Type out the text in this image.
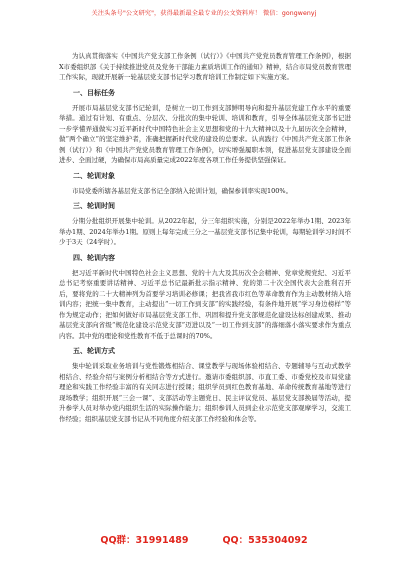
关注头条号"公文研究"，获得最新最全最专业的公文资料库！ 微信：gongwenyj

为认真贯彻落实《中国共产党支部工作条例（试行）》《中国共产党党员教育管理工作条例》，根据X市委组织部《关于持续推进党员及党务干部能力素质培训工作的通知》精神，结合市局党员教育管理工作实际，现就开展新一轮基层党支部书记学习教育培训工作制定如下实施方案。

一、目标任务

开展市局基层党支部书记轮训，是树立一切工作到支部鲜明导向和提升基层党建工作水平的重要举措。通过有计划、有重点、分层次、分批次的集中轮训、培训和教育，引导全体基层党支部书记进一步学懂弄通做实习近平新时代中国特色社会主义思想和党的十九大精神以及十九届历次全会精神，做“两个确立”的坚定维护者，准确把握新时代党的建设的总要求。认真践行《中国共产党支部工作条例（试行）》和《中国共产党党员教育管理工作条例》，切实增强履职本领，促进基层党支部建设全面进步、全面过硬，为确保市局高质量完成2022年度各项工作任务提供坚强保证。

二、轮训对象

市局党委所辖各基层党支部书记全部纳入轮训计划，确保参训率实现100%。

三、轮训时间

分期分批组织开展集中轮训。从2022年起，分三年组织实施，分别是2022年举办1期、2023年举办1期、2024年举办1期。原则上每年完成三分之一基层党支部书记集中轮训，每期轮训学习时间不少于3天（24学时）。

四、轮训内容

把习近平新时代中国特色社会主义思想、党的十九大及其历次全会精神、党章党规党纪、习近平总书记考察重要讲话精神、习近平总书记最新批示指示精神、党的第二十次全国代表大会胜利召开后，要将党的二十大精神列为首要学习培训必修课；把我省我市红色等革命教育作为主动教材纳入培训内容；把统一集中教育，主动提出“一切工作到支部”的实践经验，有条件地开展“学习身边榜样”等作为规定动作；把如何做好市局基层党支部工作、巩固和提升党支部规范化建设达标创建成果、推动基层党支部向省级“规范化建设示范党支部”迈进以及“一切工作到支部”的落细落小落实要求作为重点内容。其中党的理论和党性教育不低于总课时的70%。

五、轮训方式

集中轮训采取业务培训与党性锻炼相结合、课堂教学与现场体验相结合、专题辅导与互动式教学相结合、经验介绍与案例分析相结合等方式进行。邀请市委组织部、市直工委、市委党校及市局党建理论和实践工作经验丰富的有关同志进行授课；组织学员到红色教育基地、革命传统教育基地等进行现场教学；组织开展“三会一课”、支部活动等主题党日、民主评议党员、基层党支部换届等活动，提升参学人员对举办党内组织生活的实际操作能力；组织参训人员到企业示范党支部观摩学习，交流工作经验；组织基层党支部书记从不同角度介绍支部工作经验和体会等。

QQ群：31991489	QQ：535304092
